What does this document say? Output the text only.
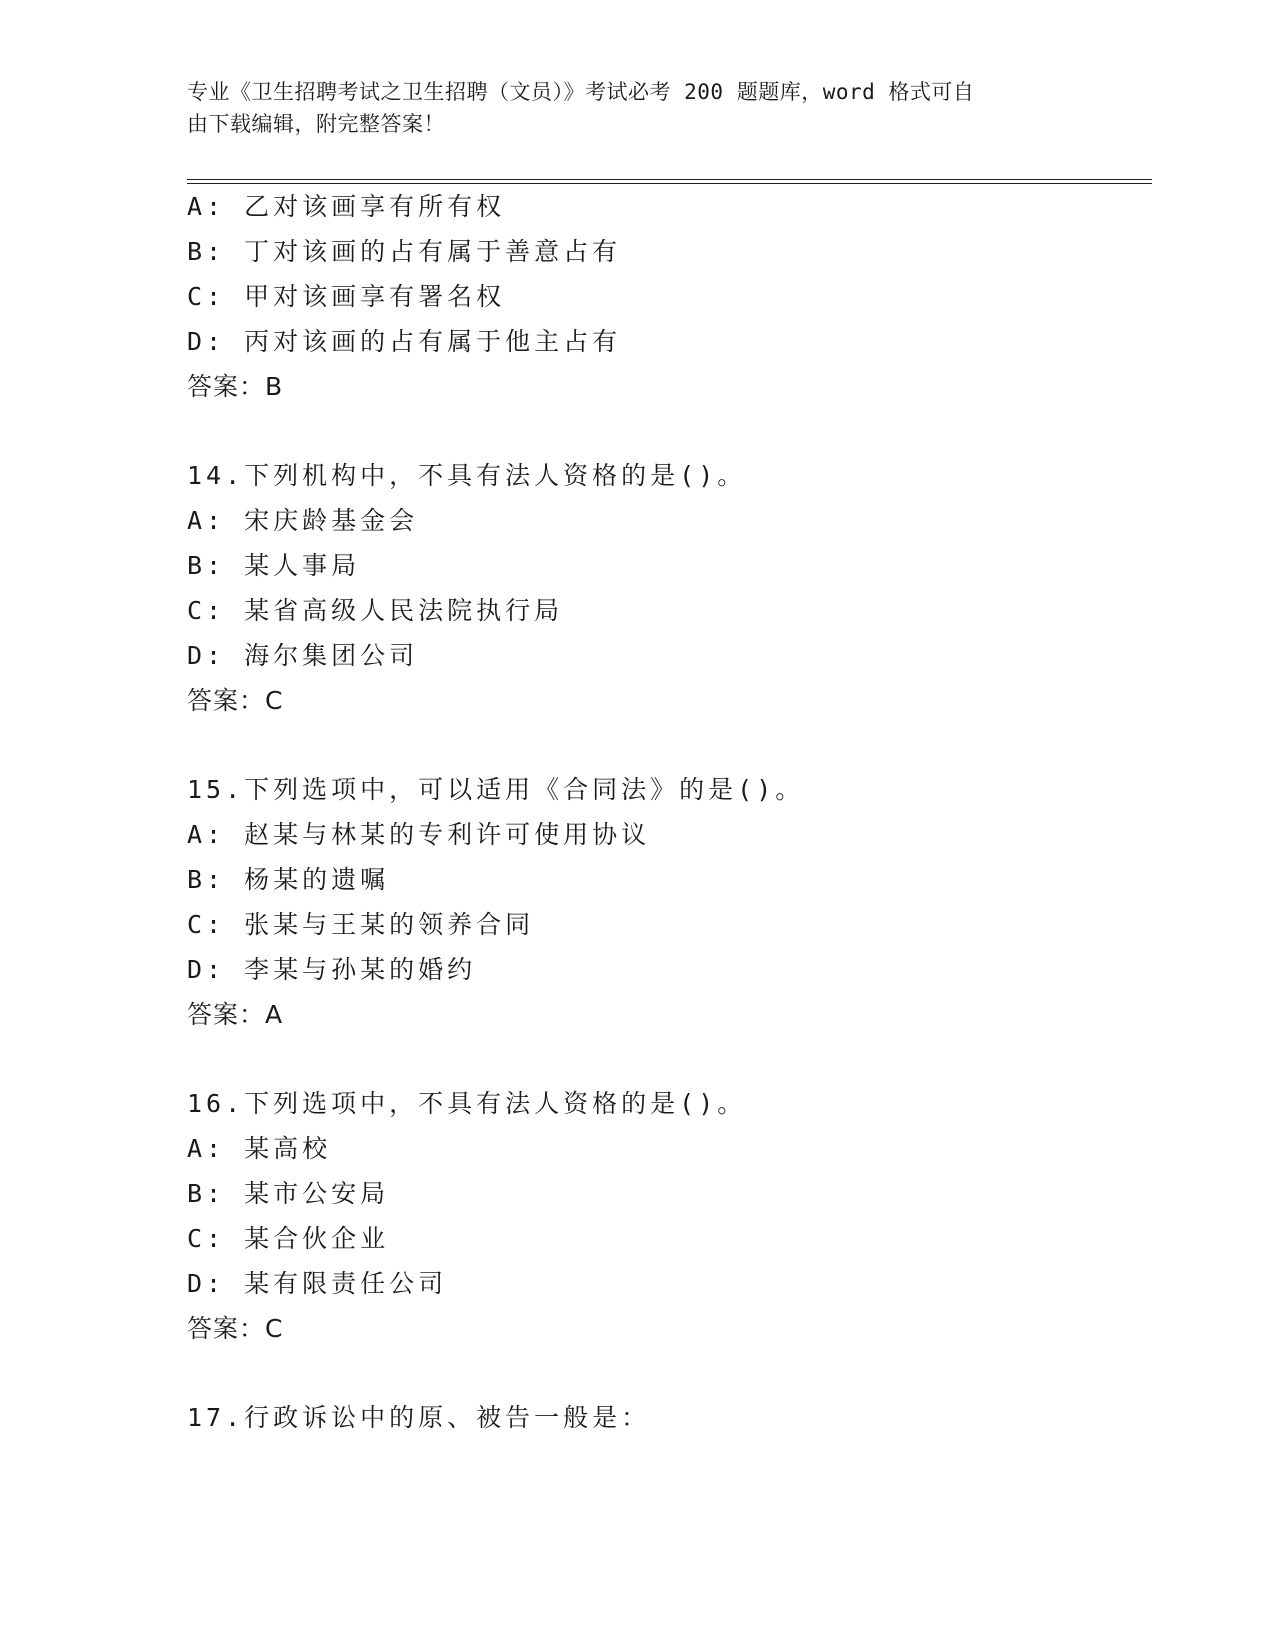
专业《卫生招聘考试之卫生招聘（文员）》考试必考 200 题题库，word 格式可自
由下载编辑，附完整答案！
A: 乙对该画享有所有权
B: 丁对该画的占有属于善意占有
C: 甲对该画享有署名权
D: 丙对该画的占有属于他主占有
答案：B
14.下列机构中，不具有法人资格的是()。
A: 宋庆龄基金会
B: 某人事局
C: 某省高级人民法院执行局
D: 海尔集团公司
答案：C
15.下列选项中，可以适用《合同法》的是()。
A: 赵某与林某的专利许可使用协议
B: 杨某的遗嘱
C: 张某与王某的领养合同
D: 李某与孙某的婚约
答案：A
16.下列选项中，不具有法人资格的是()。
A: 某高校
B: 某市公安局
C: 某合伙企业
D: 某有限责任公司
答案：C
17.行政诉讼中的原、被告一般是：
